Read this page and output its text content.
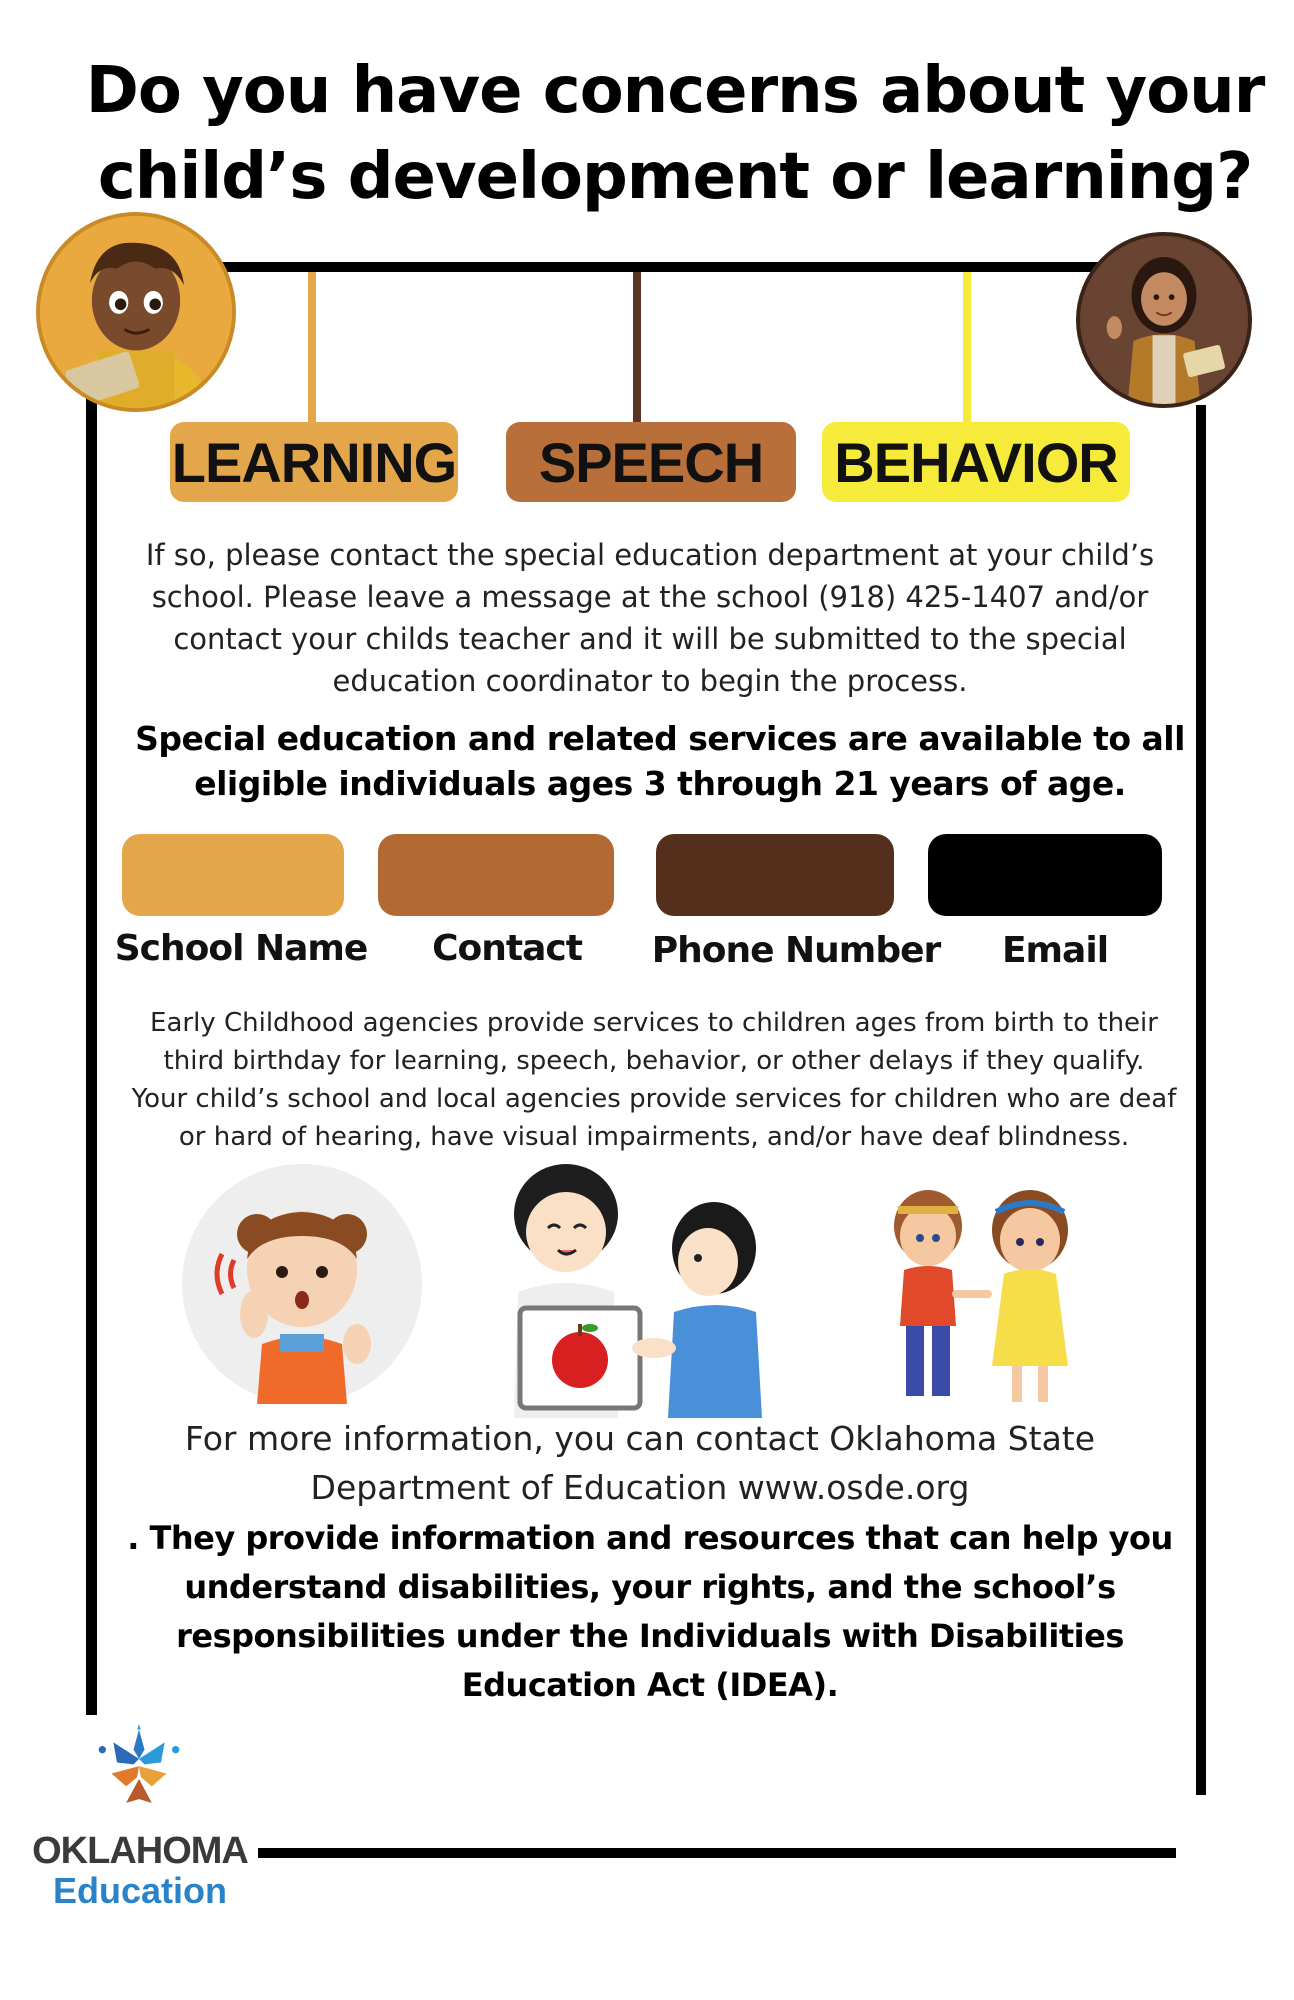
Do you have concerns about your
child’s development or learning?
LEARNING	SPEECH	BEHAVIOR
If so, please contact the special education department at your child’s
school. Please leave a message at the school (918) 425-1407 and/or
contact your childs teacher and it will be submitted to the special
education coordinator to begin the process.
Special education and related services are available to all
eligible individuals ages 3 through 21 years of age.
School Name	Contact	Phone Number	Email
Early Childhood agencies provide services to children ages from birth to their
third birthday for learning, speech, behavior, or other delays if they qualify.
Your child’s school and local agencies provide services for children who are deaf
or hard of hearing, have visual impairments, and/or have deaf blindness.
For more information, you can contact Oklahoma State
Department of Education www.osde.org
. They provide information and resources that can help you
understand disabilities, your rights, and the school’s
responsibilities under the Individuals with Disabilities
Education Act (IDEA).
OKLAHOMA
Education
